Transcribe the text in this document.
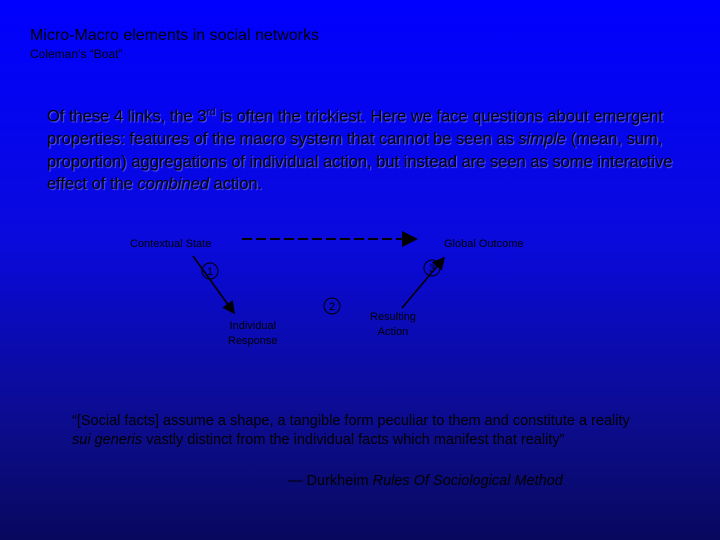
Micro-Macro elements in social networks
Coleman’s “Boat”
Of these 4 links, the 3rd is often the trickiest. Here we face questions about emergent properties: features of the macro system that cannot be seen as simple (mean, sum, proportion) aggregations of individual action, but instead are seen as some interactive effect of the combined action.
1
2
3
Contextual State	Global Outcome
Individual
Response
Resulting
Action
“[Social facts] assume a shape, a tangible form peculiar to them and constitute a reality sui generis vastly distinct from the individual facts which manifest that reality”
— Durkheim Rules Of Sociological Method
